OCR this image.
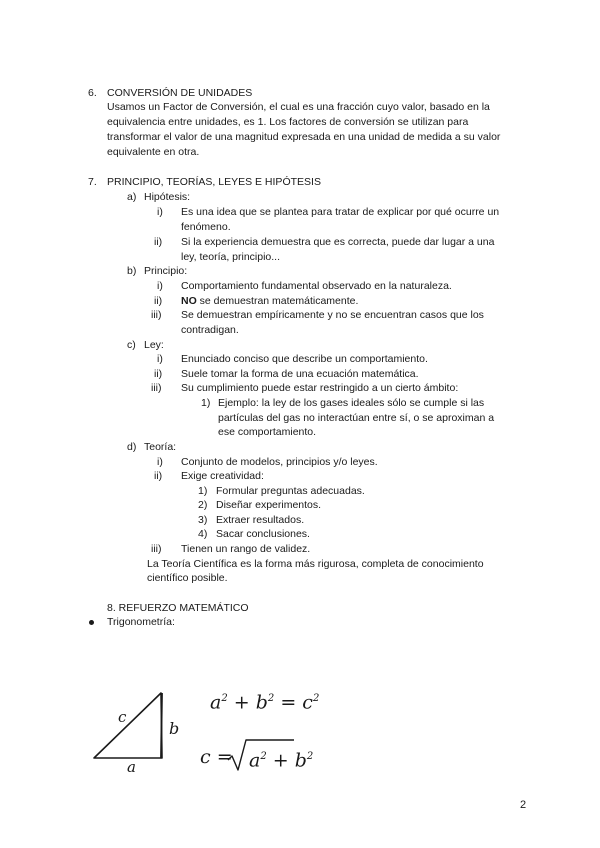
6. CONVERSIÓN DE UNIDADES
Usamos un Factor de Conversión, el cual es una fracción cuyo valor, basado en la
equivalencia entre unidades, es 1. Los factores de conversión se utilizan para
transformar el valor de una magnitud expresada en una unidad de medida a su valor
equivalente en otra.
7. PRINCIPIO, TEORÍAS, LEYES E HIPÓTESIS
a) Hipótesis:
i) Es una idea que se plantea para tratar de explicar por qué ocurre un
fenómeno.
ii) Si la experiencia demuestra que es correcta, puede dar lugar a una
ley, teoría, principio...
b) Principio:
i) Comportamiento fundamental observado en la naturaleza.
ii) NO se demuestran matemáticamente.
iii) Se demuestran empíricamente y no se encuentran casos que los
contradigan.
c) Ley:
i) Enunciado conciso que describe un comportamiento.
ii) Suele tomar la forma de una ecuación matemática.
iii) Su cumplimiento puede estar restringido a un cierto ámbito:
1) Ejemplo: la ley de los gases ideales sólo se cumple si las
partículas del gas no interactúan entre sí, o se aproximan a
ese comportamiento.
d) Teoría:
i) Conjunto de modelos, principios y/o leyes.
ii) Exige creatividad:
1) Formular preguntas adecuadas.
2) Diseñar experimentos.
3) Extraer resultados.
4) Sacar conclusiones.
iii) Tienen un rango de validez.
La Teoría Científica es la forma más rigurosa, completa de conocimiento
científico posible.
8. REFUERZO MATEMÁTICO
Trigonometría:
c
b
a
$a^2 + b^2 = c^2$
$c = a^2 + b^2$
2
